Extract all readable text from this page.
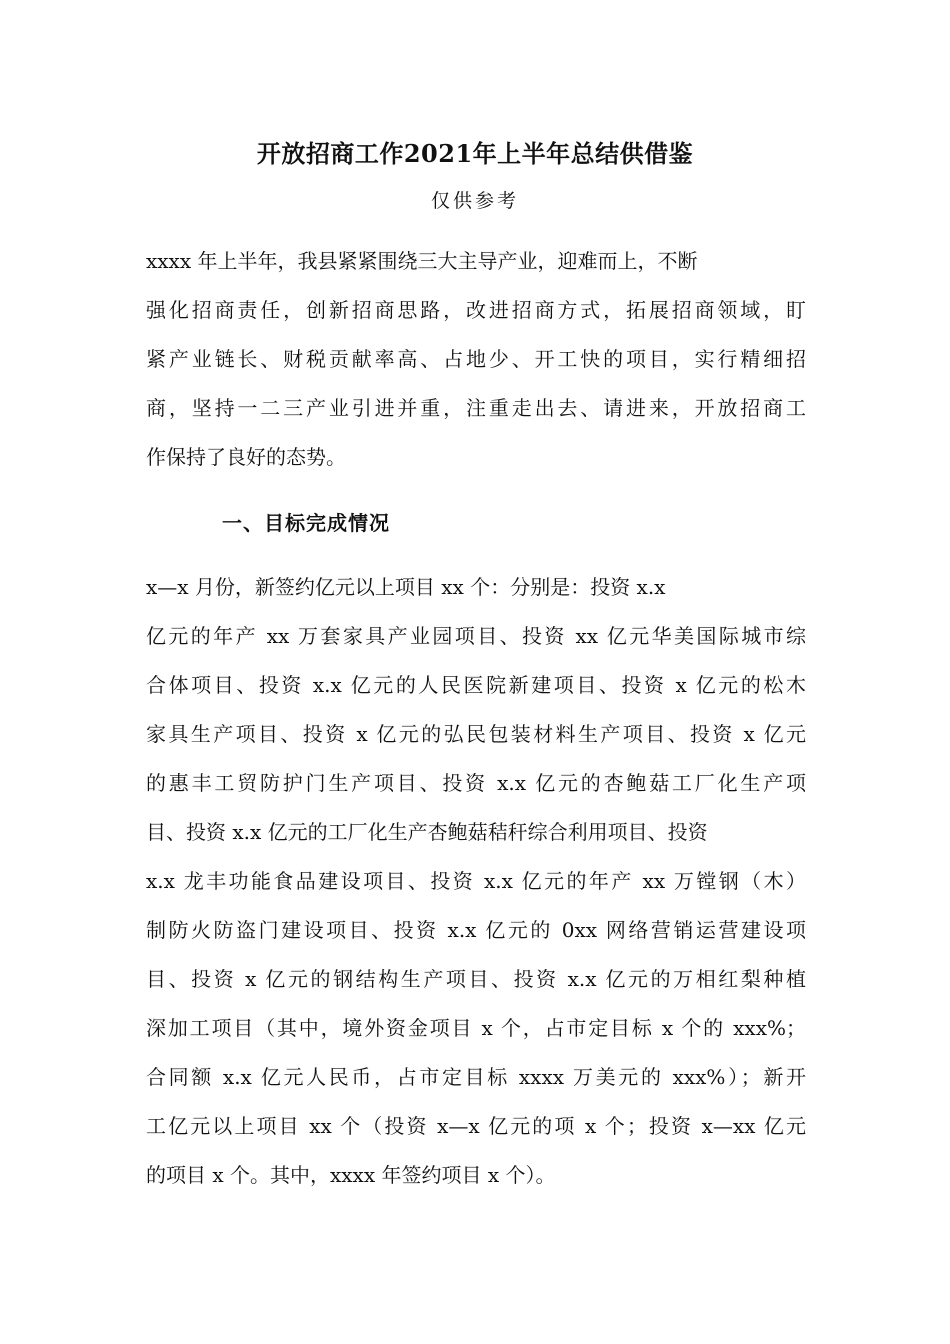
开放招商工作2021年上半年总结供借鉴
仅供参考
xxxx 年上半年，我县紧紧围绕三大主导产业，迎难而上，不断
强化招商责任，创新招商思路，改进招商方式，拓展招商领域，盯
紧产业链长、财税贡献率高、占地少、开工快的项目，实行精细招
商，坚持一二三产业引进并重，注重走出去、请进来，开放招商工
作保持了良好的态势。
一、目标完成情况
x—x 月份，新签约亿元以上项目 xx 个：分别是：投资 x.x
亿元的年产 xx 万套家具产业园项目、投资 xx 亿元华美国际城市综
合体项目、投资 x.x 亿元的人民医院新建项目、投资 x 亿元的松木
家具生产项目、投资 x 亿元的弘民包装材料生产项目、投资 x 亿元
的惠丰工贸防护门生产项目、投资 x.x 亿元的杏鲍菇工厂化生产项
目、投资 x.x 亿元的工厂化生产杏鲍菇秸秆综合利用项目、投资
x.x 龙丰功能食品建设项目、投资 x.x 亿元的年产 xx 万镗钢（木）
制防火防盗门建设项目、投资 x.x 亿元的 0xx 网络营销运营建设项
目、投资 x 亿元的钢结构生产项目、投资 x.x 亿元的万相红梨种植
深加工项目（其中，境外资金项目 x 个，占市定目标 x 个的 xxx%；
合同额 x.x 亿元人民币，占市定目标 xxxx 万美元的 xxx%）；新开
工亿元以上项目 xx 个（投资 x—x 亿元的项 x 个；投资 x—xx 亿元
的项目 x 个。其中，xxxx 年签约项目 x 个）。
